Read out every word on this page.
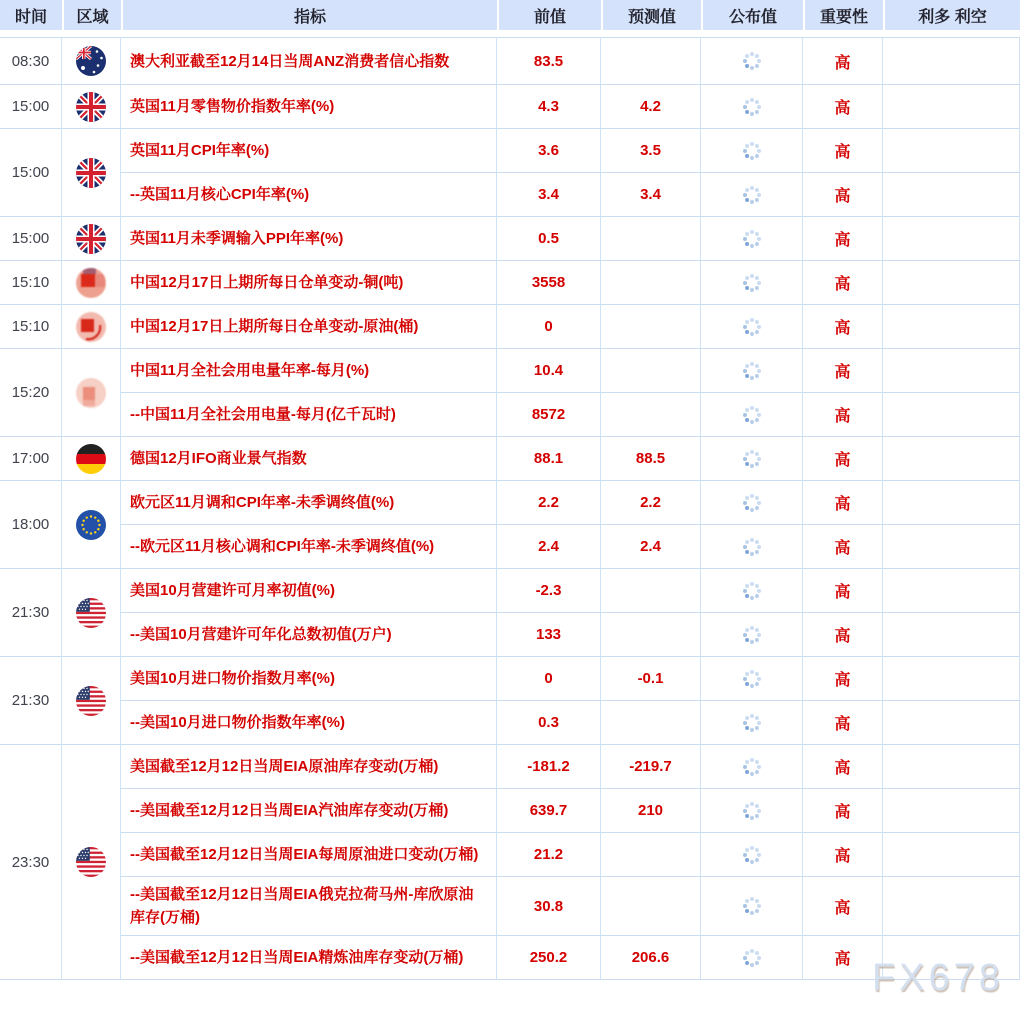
时间	区域	指标	前值	预测值	公布值	重要性	利多 利空
08:30		澳大利亚截至12月14日当周ANZ消费者信心指数	83.5			高	
15:00		英国11月零售物价指数年率(%)	4.3	4.2		高	
15:00		英国11月CPI年率(%)	3.6	3.5		高	
		--英国11月核心CPI年率(%)	3.4	3.4		高	
15:00		英国11月未季调输入PPI年率(%)	0.5			高	
15:10		中国12月17日上期所每日仓单变动-铜(吨)	3558			高	
15:10		中国12月17日上期所每日仓单变动-原油(桶)	0			高	
15:20		中国11月全社会用电量年率-每月(%)	10.4			高	
		--中国11月全社会用电量-每月(亿千瓦时)	8572			高	
17:00		德国12月IFO商业景气指数	88.1	88.5		高	
18:00		欧元区11月调和CPI年率-未季调终值(%)	2.2	2.2		高	
		--欧元区11月核心调和CPI年率-未季调终值(%)	2.4	2.4		高	
21:30		美国10月营建许可月率初值(%)	-2.3			高	
		--美国10月营建许可年化总数初值(万户)	133			高	
21:30		美国10月进口物价指数月率(%)	0	-0.1		高	
		--美国10月进口物价指数年率(%)	0.3			高	
23:30		美国截至12月12日当周EIA原油库存变动(万桶)	-181.2	-219.7		高	
		--美国截至12月12日当周EIA汽油库存变动(万桶)	639.7	210		高	
		--美国截至12月12日当周EIA每周原油进口变动(万桶)	21.2			高	
		--美国截至12月12日当周EIA俄克拉荷马州-库欣原油库存(万桶)	30.8			高	
		--美国截至12月12日当周EIA精炼油库存变动(万桶)	250.2	206.6		高	FX678
